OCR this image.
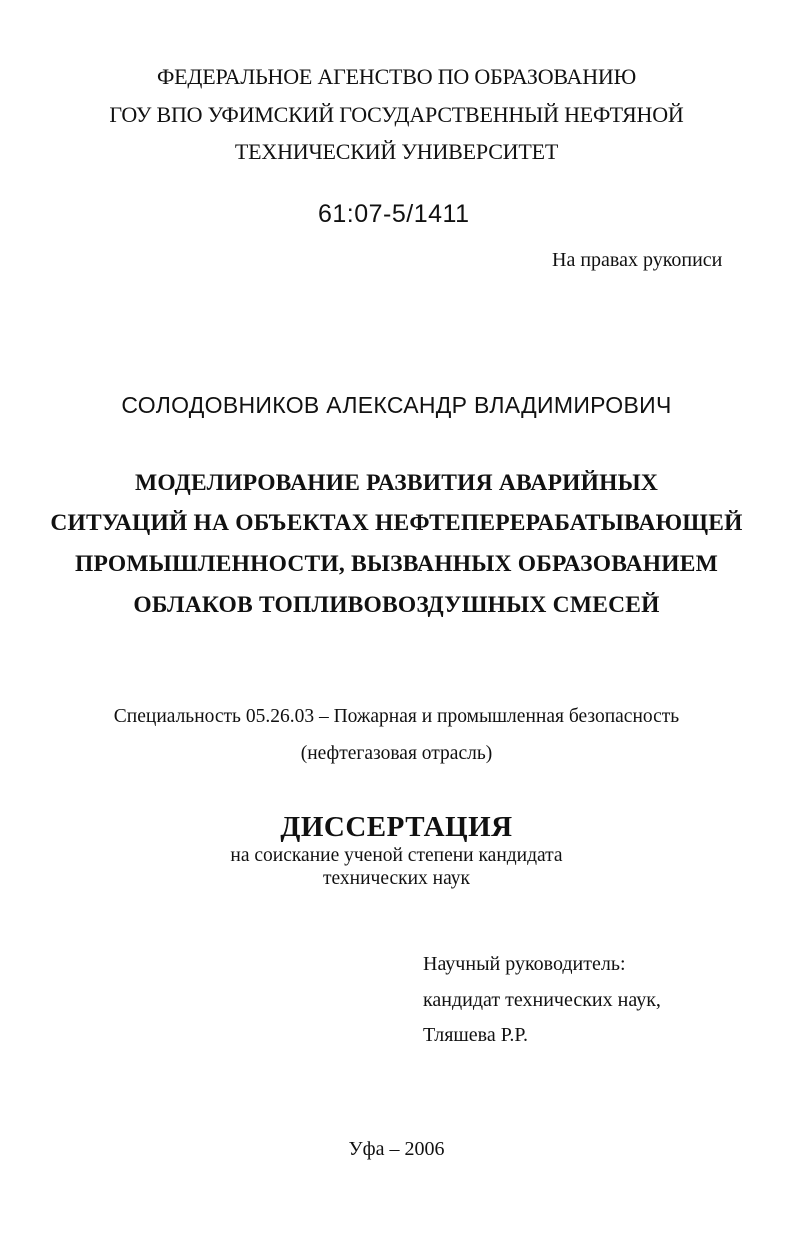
ФЕДЕРАЛЬНОЕ АГЕНСТВО ПО ОБРАЗОВАНИЮ
ГОУ ВПО УФИМСКИЙ ГОСУДАРСТВЕННЫЙ НЕФТЯНОЙ
ТЕХНИЧЕСКИЙ УНИВЕРСИТЕТ
61:07-5/1411
На правах рукописи
СОЛОДОВНИКОВ АЛЕКСАНДР ВЛАДИМИРОВИЧ
МОДЕЛИРОВАНИЕ РАЗВИТИЯ АВАРИЙНЫХ
СИТУАЦИЙ НА ОБЪЕКТАХ НЕФТЕПЕРЕРАБАТЫВАЮЩЕЙ
ПРОМЫШЛЕННОСТИ, ВЫЗВАННЫХ ОБРАЗОВАНИЕМ
ОБЛАКОВ ТОПЛИВОВОЗДУШНЫХ СМЕСЕЙ
Специальность 05.26.03 – Пожарная и промышленная безопасность
(нефтегазовая отрасль)
ДИССЕРТАЦИЯ
на соискание ученой степени кандидата
технических наук
Научный руководитель:
кандидат технических наук,
Тляшева Р.Р.
Уфа – 2006
